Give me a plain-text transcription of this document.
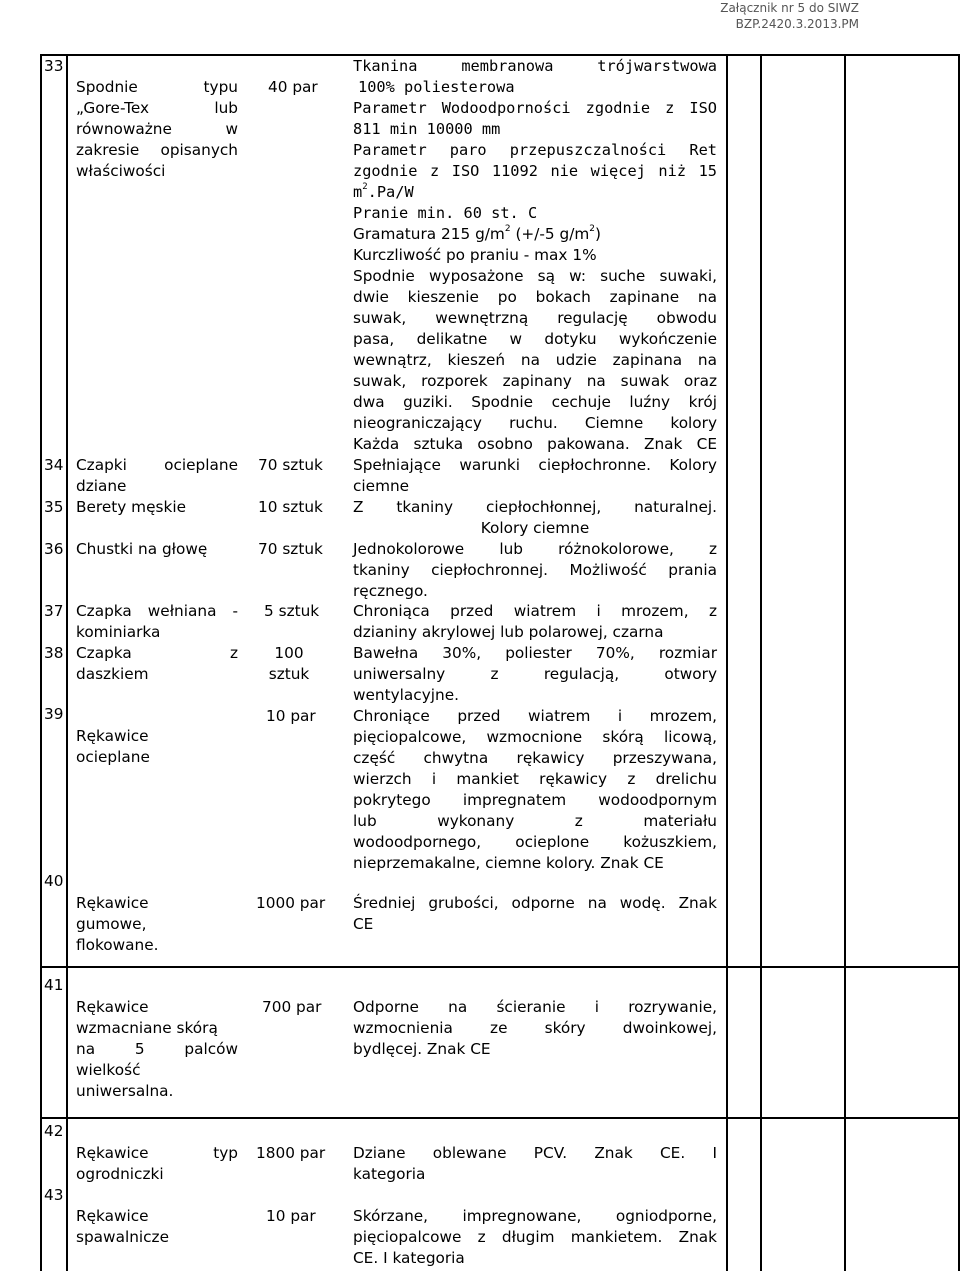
Załącznik nr 5 do SIWZ
BZP.2420.3.2013.PM
33
Spodnie typu
„Gore-Tex lub
równoważne w
zakresie opisanych
właściwości
40 par
Tkanina membranowa trójwarstwowa
100% poliesterowa
Parametr Wodoodporności zgodnie z ISO
811 min 10000 mm
Parametr paro przepuszczalności Ret
zgodnie z ISO 11092 nie więcej niż 15
$m^2.Pa/W$
Pranie min. 60 st. C
Gramatura 215 $g/m^2$ (+/-5 $g/m^2$)
Kurczliwość po praniu - max 1%
Spodnie wyposażone są w: suche suwaki,
dwie kieszenie po bokach zapinane na
suwak, wewnętrzną regulację obwodu
pasa, delikatne w dotyku wykończenie
wewnątrz, kieszeń na udzie zapinana na
suwak, rozporek zapinany na suwak oraz
dwa guziki. Spodnie cechuje luźny krój
nieograniczający ruchu. Ciemne kolory
Każda sztuka osobno pakowana. Znak CE
34 Czapki ocieplane
dziane
70 sztuk Spełniające warunki ciepłochronne. Kolory
ciemne
35 Berety męskie	10 sztuk Z tkaniny ciepłochłonnej, naturalnej.
Kolory ciemne
36 Chustki na głowę	70 sztuk Jednokolorowe lub różnokolorowe, z
tkaniny ciepłochronnej. Możliwość prania
ręcznego.
37 Czapka wełniana -
kominiarka
5 sztuk Chroniąca przed wiatrem i mrozem, z
dzianiny akrylowej lub polarowej, czarna
38 Czapka z
daszkiem
100
sztuk
Bawełna 30%, poliester 70%, rozmiar
uniwersalny z regulacją, otwory
wentylacyjne.
39
Rękawice
ocieplane
10 par Chroniące przed wiatrem i mrozem,
pięciopalcowe, wzmocnione skórą licową,
część chwytna rękawicy przeszywana,
wierzch i mankiet rękawicy z drelichu
pokrytego impregnatem wodoodpornym
lub wykonany z materiału
wodoodpornego, ocieplone kożuszkiem,
nieprzemakalne, ciemne kolory. Znak CE
40
Rękawice
gumowe,
flokowane.
1000 par Średniej grubości, odporne na wodę. Znak
CE
41
Rękawice
wzmacniane skórą
na 5 palców
wielkość
uniwersalna.
700 par Odporne na ścieranie i rozrywanie,
wzmocnienia ze skóry dwoinkowej,
bydlęcej. Znak CE
42
Rękawice typ
ogrodniczki
1800 par Dziane oblewane PCV. Znak CE. I
kategoria
43
Rękawice
spawalnicze
10 par Skórzane, impregnowane, ogniodporne,
pięciopalcowe z długim mankietem. Znak
CE. I kategoria
